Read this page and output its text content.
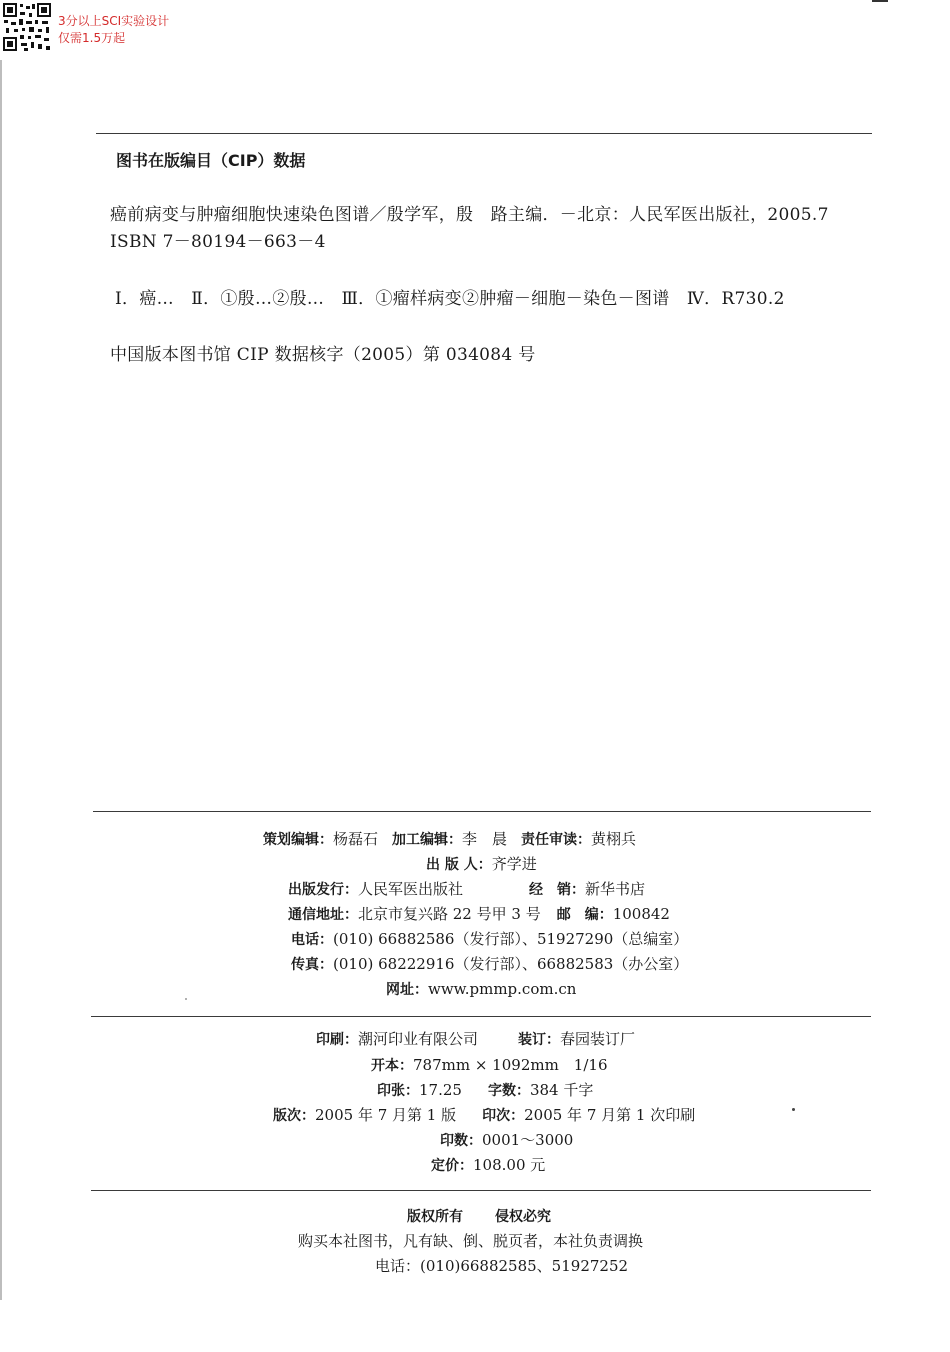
3分以上SCI实验设计
仅需1.5万起
图书在版编目（CIP）数据
癌前病变与肿瘤细胞快速染色图谱／殷学军，殷　路主编．－北京：人民军医出版社，2005.7
ISBN 7－80194－663－4
Ⅰ．癌…　Ⅱ．①殷…②殷…　Ⅲ．①瘤样病变②肿瘤－细胞－染色－图谱　Ⅳ．R730.2
中国版本图书馆 CIP 数据核字（2005）第 034084 号
策划编辑：杨磊石 加工编辑：李　晨 责任审读：黄栩兵
出 版 人：齐学进
出版发行：人民军医出版社	经　销：新华书店
通信地址：北京市复兴路 22 号甲 3 号 邮　编：100842
电话：(010) 66882586（发行部）、51927290（总编室）
传真：(010) 68222916（发行部）、66882583（办公室）
网址：www.pmmp.com.cn
印刷：潮河印业有限公司	装订：春园装订厂
开本：787mm × 1092mm　1/16
印张：17.25 字数：384 千字
版次：2005 年 7 月第 1 版 印次：2005 年 7 月第 1 次印刷
印数：0001～3000
定价：108.00 元
版权所有 侵权必究
购买本社图书，凡有缺、倒、脱页者，本社负责调换
电话：(010)66882585、51927252
